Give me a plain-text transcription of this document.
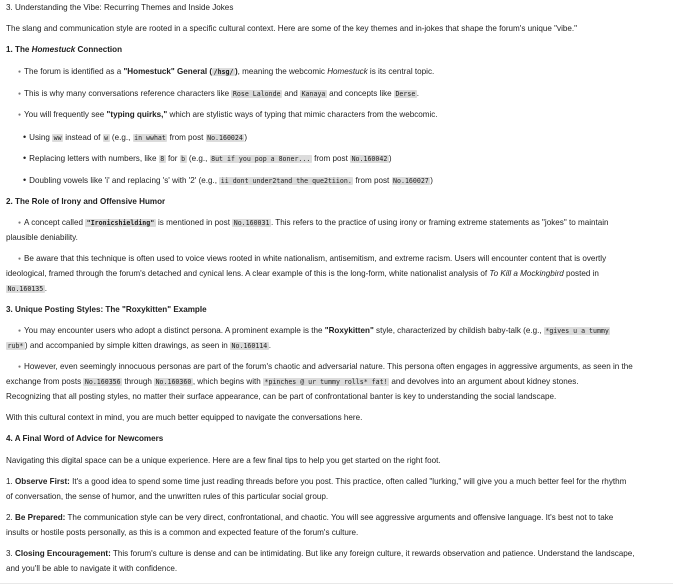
3. Understanding the Vibe: Recurring Themes and Inside Jokes

The slang and communication style are rooted in a specific cultural context. Here are some of the key themes and in-jokes that shape the forum's unique "vibe."

1. The Homestuck Connection

● The forum is identified as a "Homestuck" General ( /hsg/ ), meaning the webcomic Homestuck is its central topic.

● This is why many conversations reference characters like Rose Lalonde and Kanaya and concepts like Derse .

● You will frequently see "typing quirks," which are stylistic ways of typing that mimic characters from the webcomic.

• Using ww instead of w (e.g., in wwhat from post No.160024 )

• Replacing letters with numbers, like 8 for b (e.g., 8ut if you pop a 8oner... from post No.160042 )

• Doubling vowels like 'i' and replacing 's' with '2' (e.g., ii dont under2tand the que2tiion. from post No.160027 )

2. The Role of Irony and Offensive Humor

● A concept called "Ironicshielding" is mentioned in post No.160031 . This refers to the practice of using irony or framing extreme statements as "jokes" to maintain

plausible deniability.

● Be aware that this technique is often used to voice views rooted in white nationalism, antisemitism, and extreme racism. Users will encounter content that is overtly

ideological, framed through the forum's detached and cynical lens. A clear example of this is the long-form, white nationalist analysis of To Kill a Mockingbird posted in

No.160135 .

3. Unique Posting Styles: The "Roxykitten" Example

● You may encounter users who adopt a distinct persona. A prominent example is the "Roxykitten" style, characterized by childish baby-talk (e.g., *gives u a tummy

rub* ) and accompanied by simple kitten drawings, as seen in No.160114 .

● However, even seemingly innocuous personas are part of the forum's chaotic and adversarial nature. This persona often engages in aggressive arguments, as seen in the

exchange from posts No.160356 through No.160360 , which begins with *pinches @ ur tummy rolls* fat! and devolves into an argument about kidney stones.

Recognizing that all posting styles, no matter their surface appearance, can be part of confrontational banter is key to understanding the social landscape.

With this cultural context in mind, you are much better equipped to navigate the conversations here.

4. A Final Word of Advice for Newcomers

Navigating this digital space can be a unique experience. Here are a few final tips to help you get started on the right foot.

1. Observe First: It's a good idea to spend some time just reading threads before you post. This practice, often called "lurking," will give you a much better feel for the rhythm

of conversation, the sense of humor, and the unwritten rules of this particular social group.

2. Be Prepared: The communication style can be very direct, confrontational, and chaotic. You will see aggressive arguments and offensive language. It's best not to take

insults or hostile posts personally, as this is a common and expected feature of the forum's culture.

3. Closing Encouragement: This forum's culture is dense and can be intimidating. But like any foreign culture, it rewards observation and patience. Understand the landscape,

and you'll be able to navigate it with confidence.
